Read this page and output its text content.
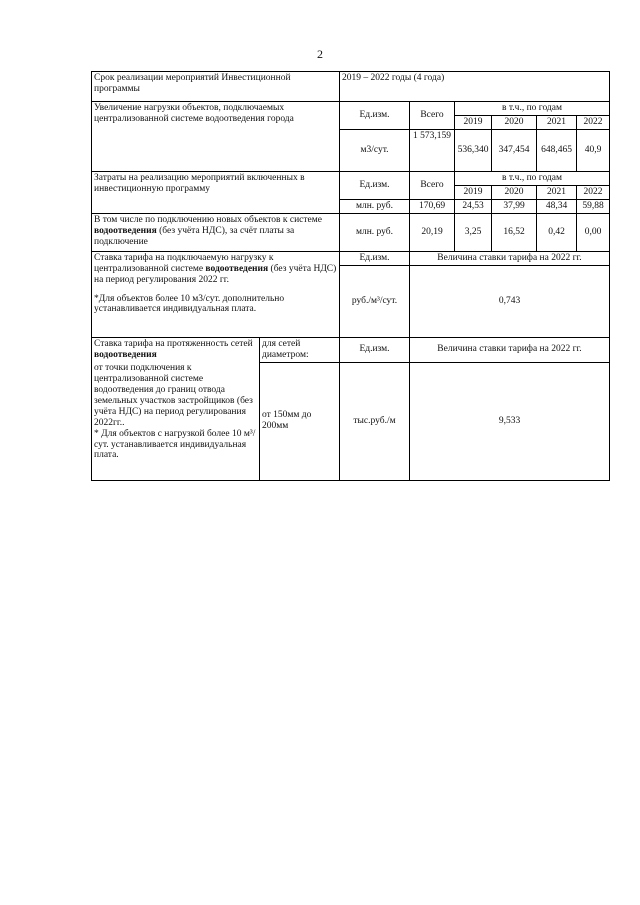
2
Срок реализации мероприятий Инвестиционной программы		2019 – 2022 годы (4 года)					
Увеличение нагрузки объектов, подключаемых централизованной системе водоотведения города		Ед.изм.	Всего	в т.ч., по годам			
				2019	2020	2021	2022
		м3/сут.	1 573,159	536,340	347,454	648,465	40,9
Затраты на реализацию мероприятий включенных в инвестиционную программу		Ед.изм.	Всего	в т.ч., по годам			
				2019	2020	2021	2022
		млн. руб.	170,69	24,53	37,99	48,34	59,88
В том числе по подключению новых объектов к системе водоотведения (без учёта НДС), за счёт платы за подключение		млн. руб.	20,19	3,25	16,52	0,42	0,00
Ставка тарифа на подключаемую нагрузку к централизованной системе водоотведения (без учёта НДС) на период регулирования 2022 гг.
*Для объектов более 10 м3/сут. дополнительно устанавливается индивидуальная плата.		Ед.изм.	Величина ставки тарифа на 2022 гг.				
		руб./м³/сут.	0,743				
Ставка тарифа на протяженность сетей водоотведения	для сетей диаметром:	Ед.изм.	Величина ставки тарифа на 2022 гг.				

от точки подключения к централизованной системе водоотведения до границ отвода земельных участков застройщиков (без учёта НДС) на период регулирования 2022гг..
* Для объектов с нагрузкой более 10 м³/сут. устанавливается индивидуальная плата.	от 150мм до 200мм	тыс.руб./м	9,533				
